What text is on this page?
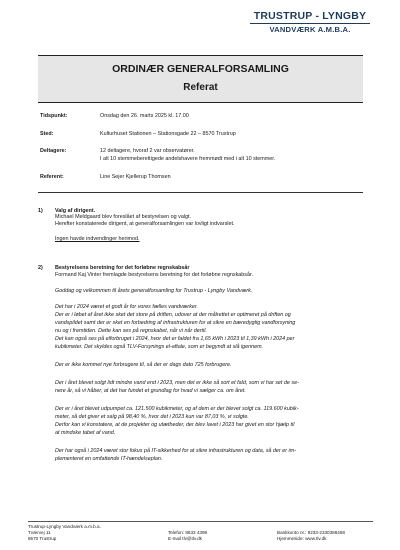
TRUSTRUP - LYNGBY
VANDVÆRK A.M.B.A.
ORDINÆR GENERALFORSAMLING
Referat
Tidspunkt:	Onsdag den 26. marts 2025 kl. 17.00
Sted:	Kulturhuset Stationen – Stationsgade 22 – 8570 Trustrup
Deltagere:	12 deltagere, hvoraf 2 var observatører.
I alt 10 stemmeberettigede andelshavere fremmødt med i alt 10 stemmer.
Referent:	Line Sejer Kjellerup Thomsen
1) Valg af dirigent.
Michael Meldgaard blev foreslået af bestyrelsen og valgt.
Herefter konstaterede dirigent, at generalforsamlingen var lovligt indvarslet.
Ingen havde indvendinger herimod.
2) Bestyrelsens beretning for det forløbne regnskabsår
Formand Kaj Vinter fremlagde bestyrelsens beretning for det forløbne regnskabsår.
Goddag og velkommen til årets generalforsamling for Trustrup - Lyngby Vandværk.
Det har i 2024 været et godt år for vores fælles vandværker.
Der er i løbet af året ikke sket det store på driften, udover at der målrettet er optimeret på driften og
vandspildet samt der er sket en forbedring af infrastrukturen for at sikre en bæredygtig vandforsyning
nu og i fremtiden. Dette kan ses på regnskabet, når vi når dertil.
Det kan også ses på elforbruget i 2024, hvor det er faldet fra 1,65 kWh i 2023 til 1,39 kWh i 2024 per
kubikmeter. Det skyldes også TLV-Forsynings el-aftale, som er begyndt at slå igennem.
Der er ikke kommet nye forbrugere til, så der er dags dato 725 forbrugere.
Der i året blevet solgt lidt mindre vand end i 2023, men det er ikke så sort et fald, som vi har set de se-
nere år, så vi håber, at det har fundet et grundlag for hvad vi sælger ca. om året.
Der er i året blevet udpumpet ca. 121.500 kubikmeter, og af dem er der blevet solgt ca. 119.600 kubik-
meter, så det giver et salg på 98,40 %, hvor det i 2023 kun var 87,03 %, vi solgte.
Derfor kan vi konstatere, at de projekter og utætheder, der blev lavet i 2023 har givet en stor hjælp til
at mindske tabet af vand.
Der har også i 2024 været stor fokus på IT-sikkerhed for at sikre infrastrukturen og data, så der er im-
plementeret en omfattende IT-hændelseplan.
Trustrup-Lyngby Vandværk a.m.b.a.
Tværvej 11
8570 Trustrup

Telefon: 8633 4399
E-mail tlv@tlv.dk
Bankkonto nr.: 9233-2330388458
Hjemmeside: www.tlv.dk
